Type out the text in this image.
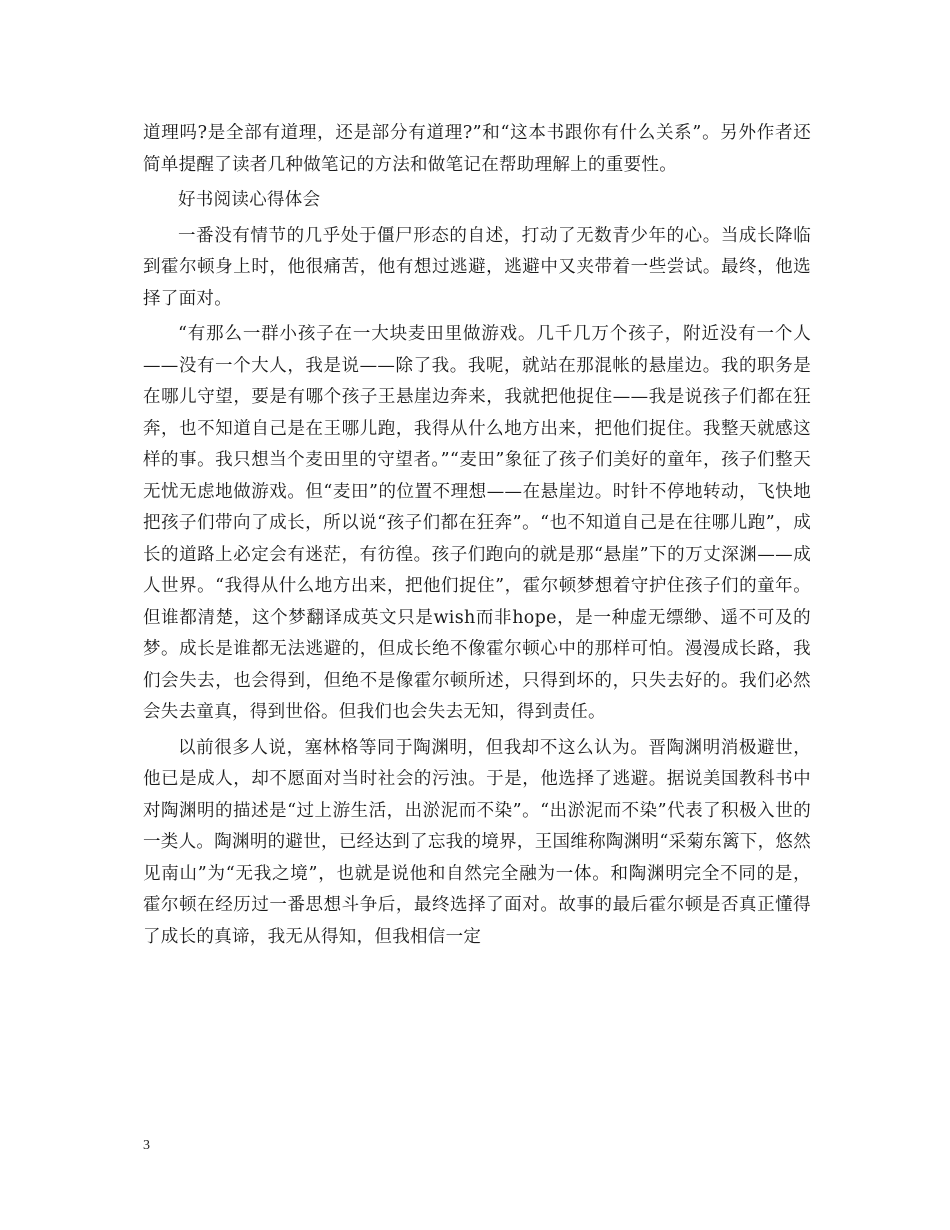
道理吗?是全部有道理，还是部分有道理?”和“这本书跟你有什么关系”。另外作者还简单提醒了读者几种做笔记的方法和做笔记在帮助理解上的重要性。

好书阅读心得体会

一番没有情节的几乎处于僵尸形态的自述，打动了无数青少年的心。当成长降临到霍尔顿身上时，他很痛苦，他有想过逃避，逃避中又夹带着一些尝试。最终，他选择了面对。

“有那么一群小孩子在一大块麦田里做游戏。几千几万个孩子，附近没有一个人——没有一个大人，我是说——除了我。我呢，就站在那混帐的悬崖边。我的职务是在哪儿守望，要是有哪个孩子王悬崖边奔来，我就把他捉住——我是说孩子们都在狂奔，也不知道自己是在王哪儿跑，我得从什么地方出来，把他们捉住。我整天就感这样的事。我只想当个麦田里的守望者。”“麦田”象征了孩子们美好的童年，孩子们整天无忧无虑地做游戏。但“麦田”的位置不理想——在悬崖边。时针不停地转动，飞快地把孩子们带向了成长，所以说“孩子们都在狂奔”。“也不知道自己是在往哪儿跑”，成长的道路上必定会有迷茫，有彷徨。孩子们跑向的就是那“悬崖”下的万丈深渊——成人世界。“我得从什么地方出来，把他们捉住”，霍尔顿梦想着守护住孩子们的童年。但谁都清楚，这个梦翻译成英文只是wish而非hope，是一种虚无缥缈、遥不可及的梦。成长是谁都无法逃避的，但成长绝不像霍尔顿心中的那样可怕。漫漫成长路，我们会失去，也会得到，但绝不是像霍尔顿所述，只得到坏的，只失去好的。我们必然会失去童真，得到世俗。但我们也会失去无知，得到责任。

以前很多人说，塞林格等同于陶渊明，但我却不这么认为。晋陶渊明消极避世，他已是成人，却不愿面对当时社会的污浊。于是，他选择了逃避。据说美国教科书中对陶渊明的描述是“过上游生活，出淤泥而不染”。“出淤泥而不染”代表了积极入世的一类人。陶渊明的避世，已经达到了忘我的境界，王国维称陶渊明“采菊东篱下，悠然见南山”为“无我之境”，也就是说他和自然完全融为一体。和陶渊明完全不同的是，霍尔顿在经历过一番思想斗争后，最终选择了面对。故事的最后霍尔顿是否真正懂得了成长的真谛，我无从得知，但我相信一定

3
